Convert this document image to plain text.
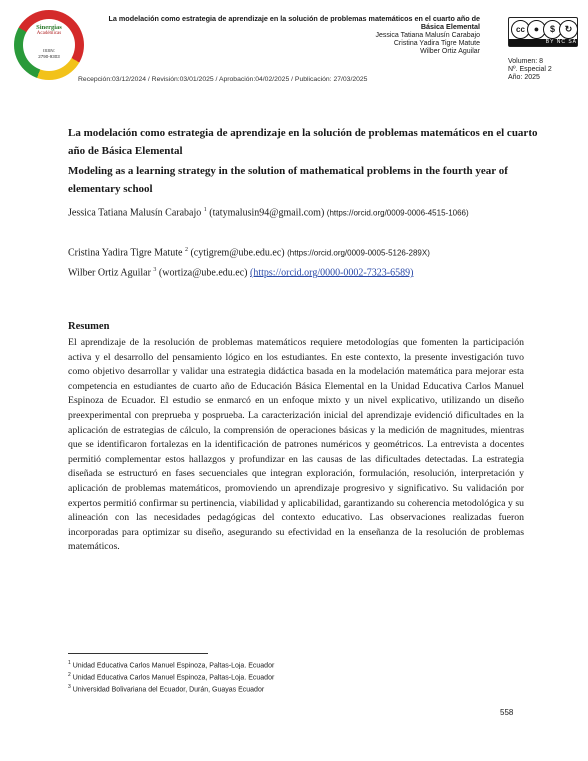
Sinergias
Académicas
ISSN:
2790-9303
La modelación como estrategia de aprendizaje en la solución de problemas matemáticos en el cuarto año de Básica Elemental
Jessica Tatiana Malusín Carabajo
Cristina Yadira Tigre Matute
Wilber Ortiz Aguilar
cc ●	$	↻
BY NC SA
Volumen: 8
Nº. Especial 2
Año: 2025
Recepción:03/12/2024 / Revisión:03/01/2025 / Aprobación:04/02/2025 / Publicación: 27/03/2025
La modelación como estrategia de aprendizaje en la solución de problemas matemáticos en el cuarto año de Básica Elemental
Modeling as a learning strategy in the solution of mathematical problems in the fourth year of elementary school
Jessica Tatiana Malusín Carabajo $^1$ (tatymalusin94@gmail.com) (https://orcid.org/0009-0006-4515-1066)
Cristina Yadira Tigre Matute $^2$ (cytigrem@ube.edu.ec) (https://orcid.org/0009-0005-5126-289X)
Wilber Ortiz Aguilar $^3$ (wortiza@ube.edu.ec) (https://orcid.org/0000-0002-7323-6589)
Resumen
El aprendizaje de la resolución de problemas matemáticos requiere metodologías que fomenten la participación activa y el desarrollo del pensamiento lógico en los estudiantes. En este contexto, la presente investigación tuvo como objetivo desarrollar y validar una estrategia didáctica basada en la modelación matemática para mejorar esta competencia en estudiantes de cuarto año de Educación Básica Elemental en la Unidad Educativa Carlos Manuel Espinoza de Ecuador. El estudio se enmarcó en un enfoque mixto y un nivel explicativo, utilizando un diseño preexperimental con preprueba y posprueba. La caracterización inicial del aprendizaje evidenció dificultades en la aplicación de estrategias de cálculo, la comprensión de operaciones básicas y la medición de magnitudes, mientras que se identificaron fortalezas en la identificación de patrones numéricos y geométricos. La entrevista a docentes permitió complementar estos hallazgos y profundizar en las causas de las dificultades detectadas. La estrategia diseñada se estructuró en fases secuenciales que integran exploración, formulación, resolución, interpretación y aplicación de problemas matemáticos, promoviendo un aprendizaje progresivo y significativo. Su validación por expertos permitió confirmar su pertinencia, viabilidad y aplicabilidad, garantizando su coherencia metodológica y su alineación con las necesidades pedagógicas del contexto educativo. Las observaciones realizadas fueron incorporadas para optimizar su diseño, asegurando su efectividad en la enseñanza de la resolución de problemas matemáticos.
$^1$ Unidad Educativa Carlos Manuel Espinoza, Paltas-Loja. Ecuador
$^2$ Unidad Educativa Carlos Manuel Espinoza, Paltas-Loja. Ecuador
$^3$ Universidad Bolivariana del Ecuador, Durán, Guayas Ecuador
558
